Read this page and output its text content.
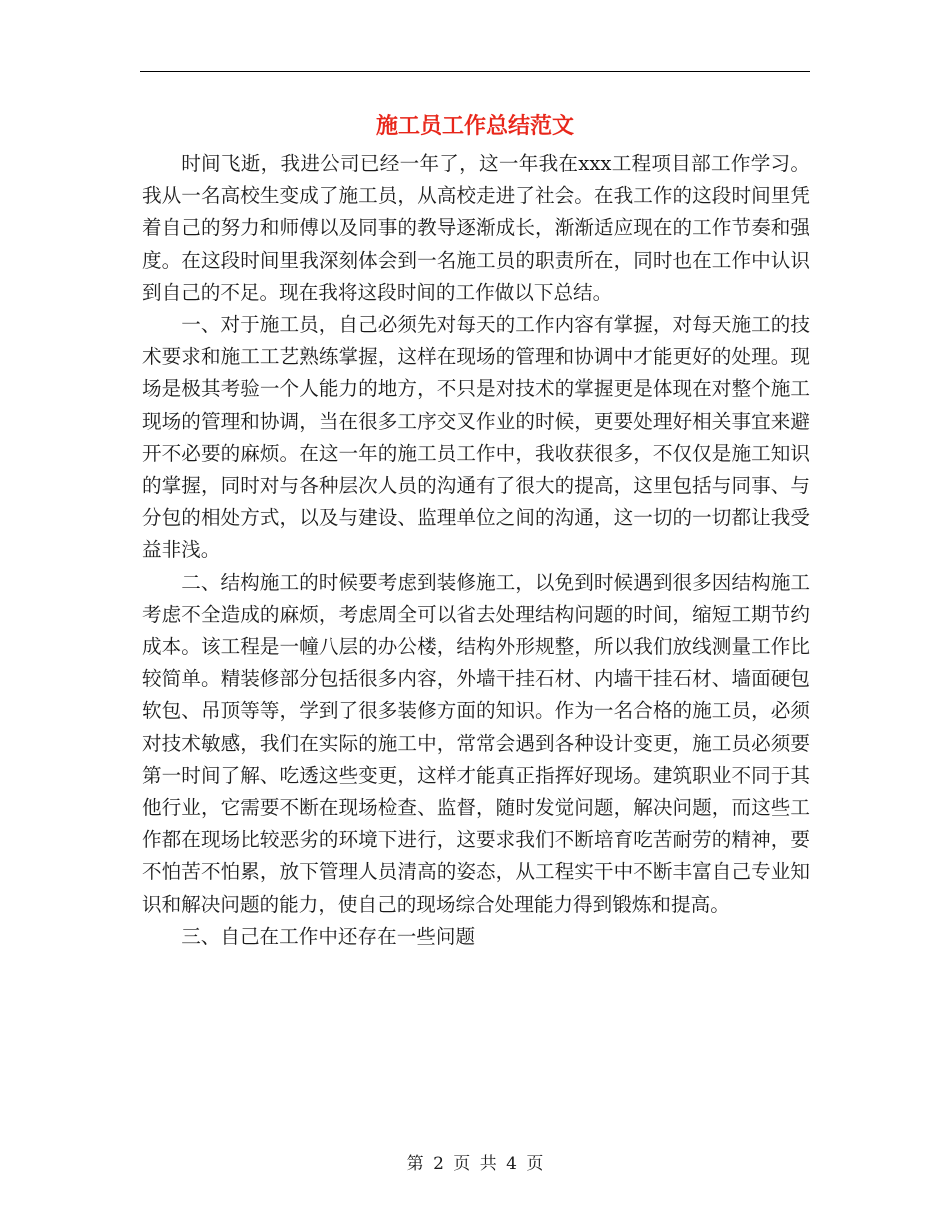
施工员工作总结范文

时间飞逝，我进公司已经一年了，这一年我在xxx工程项目部工作学习。我从一名高校生变成了施工员，从高校走进了社会。在我工作的这段时间里凭着自己的努力和师傅以及同事的教导逐渐成长，渐渐适应现在的工作节奏和强度。在这段时间里我深刻体会到一名施工员的职责所在，同时也在工作中认识到自己的不足。现在我将这段时间的工作做以下总结。

一、对于施工员，自己必须先对每天的工作内容有掌握，对每天施工的技术要求和施工工艺熟练掌握，这样在现场的管理和协调中才能更好的处理。现场是极其考验一个人能力的地方，不只是对技术的掌握更是体现在对整个施工现场的管理和协调，当在很多工序交叉作业的时候，更要处理好相关事宜来避开不必要的麻烦。在这一年的施工员工作中，我收获很多，不仅仅是施工知识的掌握，同时对与各种层次人员的沟通有了很大的提高，这里包括与同事、与分包的相处方式，以及与建设、监理单位之间的沟通，这一切的一切都让我受益非浅。

二、结构施工的时候要考虑到装修施工，以免到时候遇到很多因结构施工考虑不全造成的麻烦，考虑周全可以省去处理结构问题的时间，缩短工期节约成本。该工程是一幢八层的办公楼，结构外形规整，所以我们放线测量工作比较简单。精装修部分包括很多内容，外墙干挂石材、内墙干挂石材、墙面硬包软包、吊顶等等，学到了很多装修方面的知识。作为一名合格的施工员，必须对技术敏感，我们在实际的施工中，常常会遇到各种设计变更，施工员必须要第一时间了解、吃透这些变更，这样才能真正指挥好现场。建筑职业不同于其他行业，它需要不断在现场检查、监督，随时发觉问题，解决问题，而这些工作都在现场比较恶劣的环境下进行，这要求我们不断培育吃苦耐劳的精神，要不怕苦不怕累，放下管理人员清高的姿态，从工程实干中不断丰富自己专业知识和解决问题的能力，使自己的现场综合处理能力得到锻炼和提高。

三、自己在工作中还存在一些问题

第 2 页 共 4 页
